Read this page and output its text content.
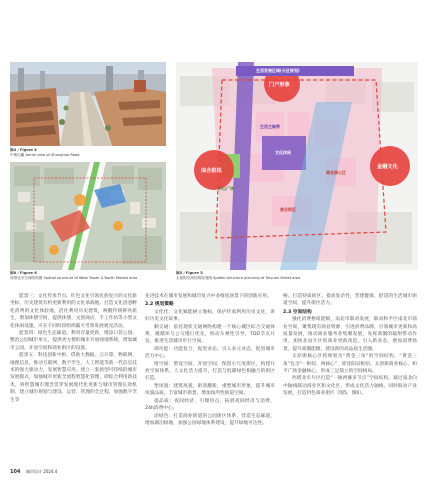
图4 / Figure 4
中街鸟瞰 Aerial view of Zhonghua Road
图6 / Figure 6
西塔北市空间结构图 Spatial structure of West Tower & North Market area
生活发展区域(分区规划)
门户形象
综合枢纽
金融文化
文化休闲
生活主轴带
商业核心区
商业街区
中山广场
图5 / Figure 5
太原街空间结构规划图 Spatial structure planning of Taiyuan Street area

愿景三：文化传承节点。红色文化引领民族复兴的文化新坐标，历史建筑有机更新利用的文化承载地。打造文化创意孵化消费的文化体验地，活化利用历史建筑，唤醒传统鲜亮新生。增加休憩空间，提供休憩、文创商店、手工作坊等小型文化休闲设施，可在不同时段组织霸天考察发展观光活动。

愿景四：绿色生态廊道。利用存量更新，增添口袋公园、整治公园城市单元，提供更方便的城市开放绿地系统，增加城市公园，开放空间和商业街区的设置。

愿景五：科技创新中枢。借助大数据、云计算、物联网、地理信息，推动互联网、数字孪生，人工智能等新一代信息技术的强大驱动力，发展智慧应用。建立一套新型可持续的城市发展模式，加强城市更新全流程智慧化管理，即综合利用新技术，将智慧城市理念贯穿发展现代化更新与城市管理长效机制、建立城市规划与建设、运营、管理的全过程，加强数字孪生等

先进技术在城市发展和城市复兴中多维度场景下的创新应用。

2.2 规划策略

文化化：文化赋能树立地标，保护传承利用历史文化，讲好历史文化故事。

顺交通：依托现状交通网络构建一个核心城区综合交通体系，微循环与公交慢行优先，机动车弹性引导，TOD节点开发，推进生活城市步行空间。

调功能：功能复合，促进业态，引入多元业态，促进城市活力中心。

增空间：增设空间、开放空间，保留小尺度街区，构建开放空间体系。人文化活力提升，打造与低碳绿色相融合的街区打造。

塑风貌：建筑风貌，街景翻新，重塑城市形象，提升城市风貌品质，丰富城市街景，增加场所性街道空间。

提品质：夜间经济，引爆热点，拓展夜间经济与消费，24h消费中心。

添绿色：打造商业街道的公园街区体系，营造生态廊道，增加湖泊绿地，加强公园绿地体系建设，提升绿地可达性。

格，打造特质街区、提高复杂性，营建健康、舒适的生活城市街道空间，提升街区活力。

2.3 空间结构

强化消费枢纽能级，南北市联动发展，联动和平区南北市商业空间，聚集现有商业资源，引进消费品牌，引领城市更新和高质量发展，推动商业服务业集聚发展，发挥商圈的辐射带动作用，加快北站片区的商业更新改造，引入新业态，增加消费场景，提升商圈能级，建设新的高品质生活圈。

太原街核心区将规划为“黄金三角”的空间结构，“黄金三角”包含“一枢纽、两核心”，即沈阳站枢纽、太原街商业核心、和平广场金融核心，形成三足鼎立的空间格局。

西塔北市片区打造“一轴两翼多节点”空间结构。通过南北向中轴线联动商业区和文化区，形成文化活力轴线，同时联动产业发展，打造特色商业街区（图5，图6）。

104 城市设计 2024.4
